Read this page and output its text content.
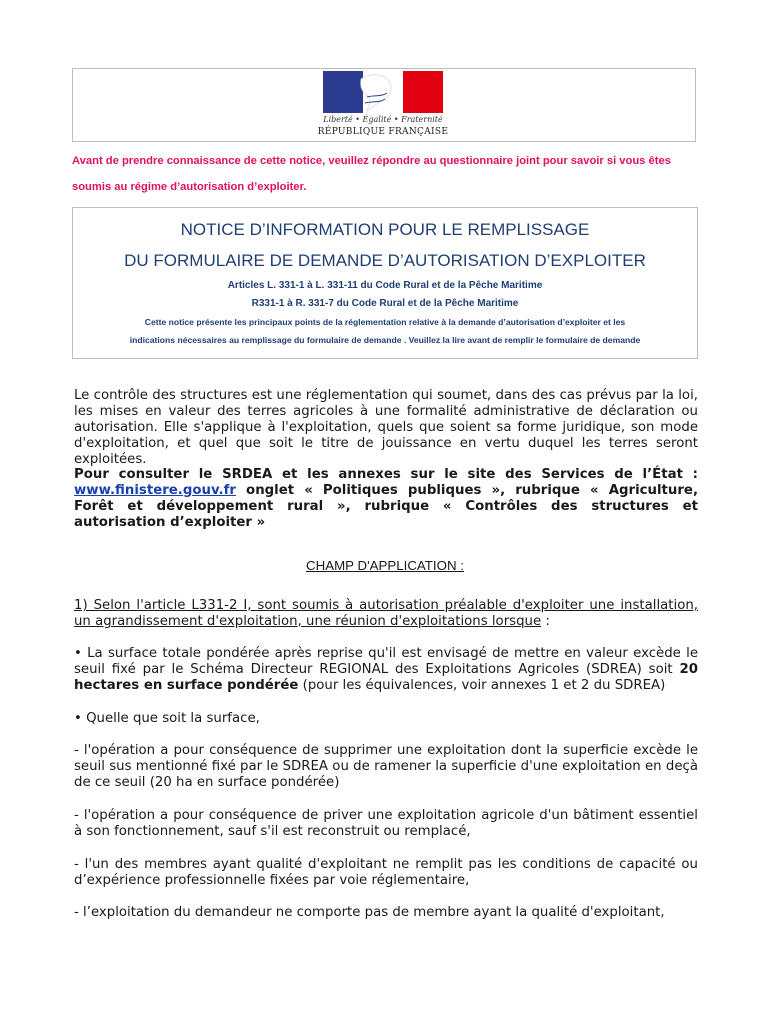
Liberté • Égalité • Fraternité
RÉPUBLIQUE FRANÇAISE
Avant de prendre connaissance de cette notice, veuillez répondre au questionnaire joint pour savoir si vous êtes soumis au régime d’autorisation d’exploiter.
NOTICE D’INFORMATION POUR LE REMPLISSAGE
DU FORMULAIRE DE DEMANDE D’AUTORISATION D’EXPLOITER
Articles L. 331-1 à L. 331-11 du Code Rural et de la Pêche Maritime
R331-1 à R. 331-7 du Code Rural et de la Pêche Maritime
Cette notice présente les principaux points de la réglementation relative à la demande d’autorisation d’exploiter et les
indications nécessaires au remplissage du formulaire de demande . Veuillez la lire avant de remplir le formulaire de demande
Le contrôle des structures est une réglementation qui soumet, dans des cas prévus par la loi, les mises en valeur des terres agricoles à une formalité administrative de déclaration ou autorisation. Elle s'applique à l'exploitation, quels que soient sa forme juridique, son mode d'exploitation, et quel que soit le titre de jouissance en vertu duquel les terres seront exploitées.
Pour consulter le SRDEA et les annexes sur le site des Services de l’État : www.finistere.gouv.fr onglet « Politiques publiques », rubrique « Agriculture, Forêt et développement rural », rubrique « Contrôles des structures et autorisation d’exploiter »
CHAMP D'APPLICATION :
1) Selon l'article L331-2 I, sont soumis à autorisation préalable d'exploiter une installation, un agrandissement d'exploitation, une réunion d'exploitations lorsque :
• La surface totale pondérée après reprise qu'il est envisagé de mettre en valeur excède le seuil fixé par le Schéma Directeur REGIONAL des Exploitations Agricoles (SDREA) soit 20 hectares en surface pondérée (pour les équivalences, voir annexes 1 et 2 du SDREA)
• Quelle que soit la surface,
- l'opération a pour conséquence de supprimer une exploitation dont la superficie excède le seuil sus mentionné fixé par le SDREA ou de ramener la superficie d'une exploitation en deçà de ce seuil (20 ha en surface pondérée)
- l'opération a pour conséquence de priver une exploitation agricole d'un bâtiment essentiel à son fonctionnement, sauf s'il est reconstruit ou remplacé,
- l'un des membres ayant qualité d'exploitant ne remplit pas les conditions de capacité ou d’expérience professionnelle fixées par voie réglementaire,
- l’exploitation du demandeur ne comporte pas de membre ayant la qualité d'exploitant,
